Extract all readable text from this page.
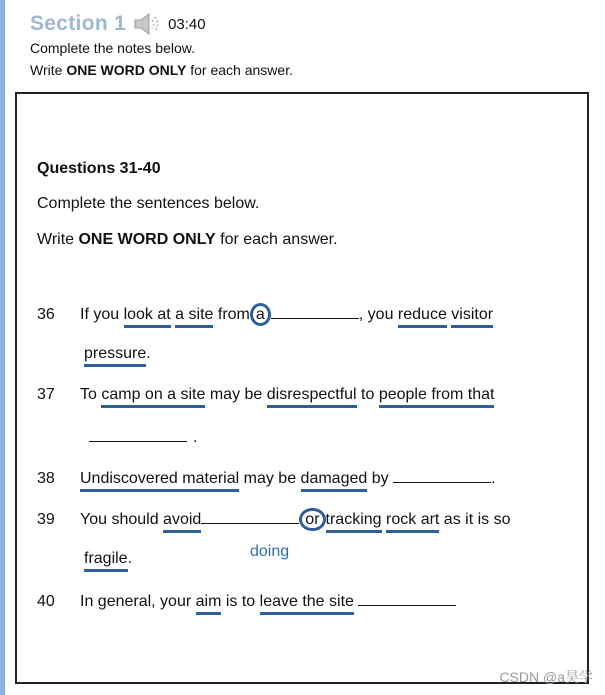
Section 1	03:40
Complete the notes below.
Write ONE WORD ONLY for each answer.
Questions 31-40
Complete the sentences below.
Write ONE WORD ONLY for each answer.
36 If you look at a site from a	, you reduce visitor
pressure.
37 To camp on a site may be disrespectful to people from that
.
38 Undiscovered material may be damaged by	.
39 You should avoid	or tracking rock art as it is so
fragile.	doing
40 In general, your aim is to leave the site
CSDN @a昊学
